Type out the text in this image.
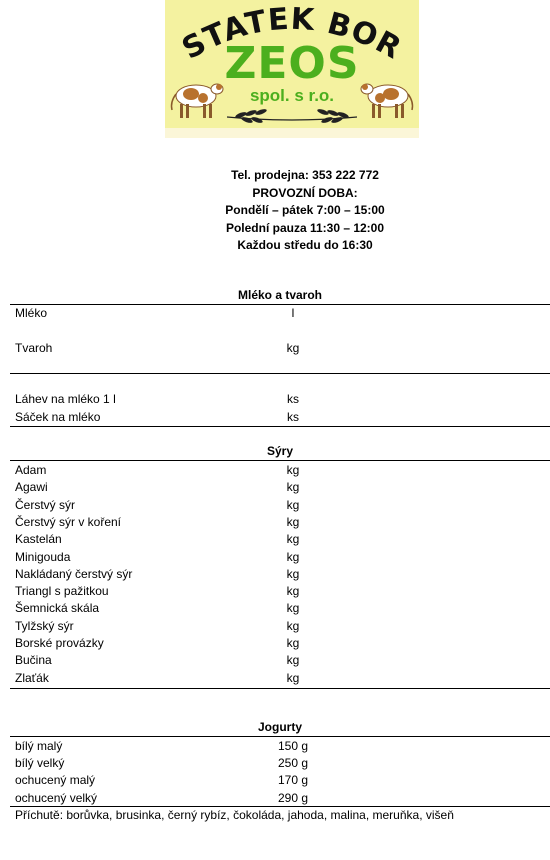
STATEK BOR
ZEOS
spol. s r.o.
Tel. prodejna: 353 222 772
PROVOZNÍ DOBA:
Pondělí – pátek 7:00 – 15:00
Polední pauza 11:30 – 12:00
Každou středu do 16:30
Mléko a tvaroh
Mléko	l
Tvaroh	kg
Láhev na mléko 1 l	ks
Sáček na mléko	ks
Sýry
Adam	kg
Agawi	kg
Čerstvý sýr	kg
Čerstvý sýr v koření	kg
Kastelán	kg
Minigouda	kg
Nakládaný čerstvý sýr	kg
Triangl s pažitkou	kg
Šemnická skála	kg
Tylžský sýr	kg
Borské provázky	kg
Bučina	kg
Zlaťák	kg
Jogurty
bílý malý	150 g
bílý velký	250 g
ochucený malý	170 g
ochucený velký	290 g
Příchutě: borůvka, brusinka, černý rybíz, čokoláda, jahoda, malina, meruňka, višeň
